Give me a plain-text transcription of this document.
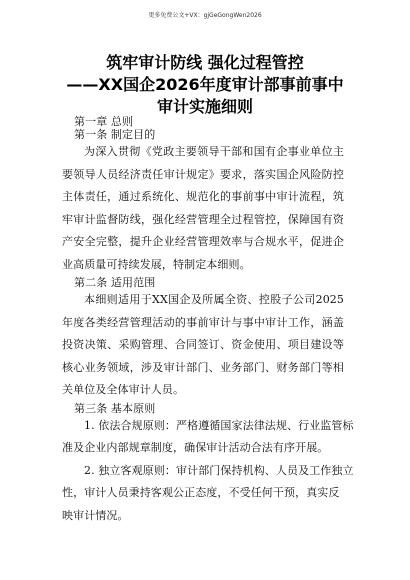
更多免费公文+VX：gjGeGongWen2026
筑牢审计防线 强化过程管控
——XX国企2026年度审计部事前事中
审计实施细则

第一章 总则

第一条 制定目的

为深入贯彻《党政主要领导干部和国有企事业单位主要领导人员经济责任审计规定》要求，落实国企风险防控主体责任，通过系统化、规范化的事前事中审计流程，筑牢审计监督防线，强化经营管理全过程管控，保障国有资产安全完整，提升企业经营管理效率与合规水平，促进企业高质量可持续发展，特制定本细则。

第二条 适用范围

本细则适用于XX国企及所属全资、控股子公司2025年度各类经营管理活动的事前审计与事中审计工作，涵盖投资决策、采购管理、合同签订、资金使用、项目建设等核心业务领域，涉及审计部门、业务部门、财务部门等相关单位及全体审计人员。

第三条 基本原则

1. 依法合规原则：严格遵循国家法律法规、行业监管标

准及企业内部规章制度，确保审计活动合法有序开展。

2. 独立客观原则：审计部门保持机构、人员及工作独立

性，审计人员秉持客观公正态度，不受任何干预，真实反

映审计情况。
